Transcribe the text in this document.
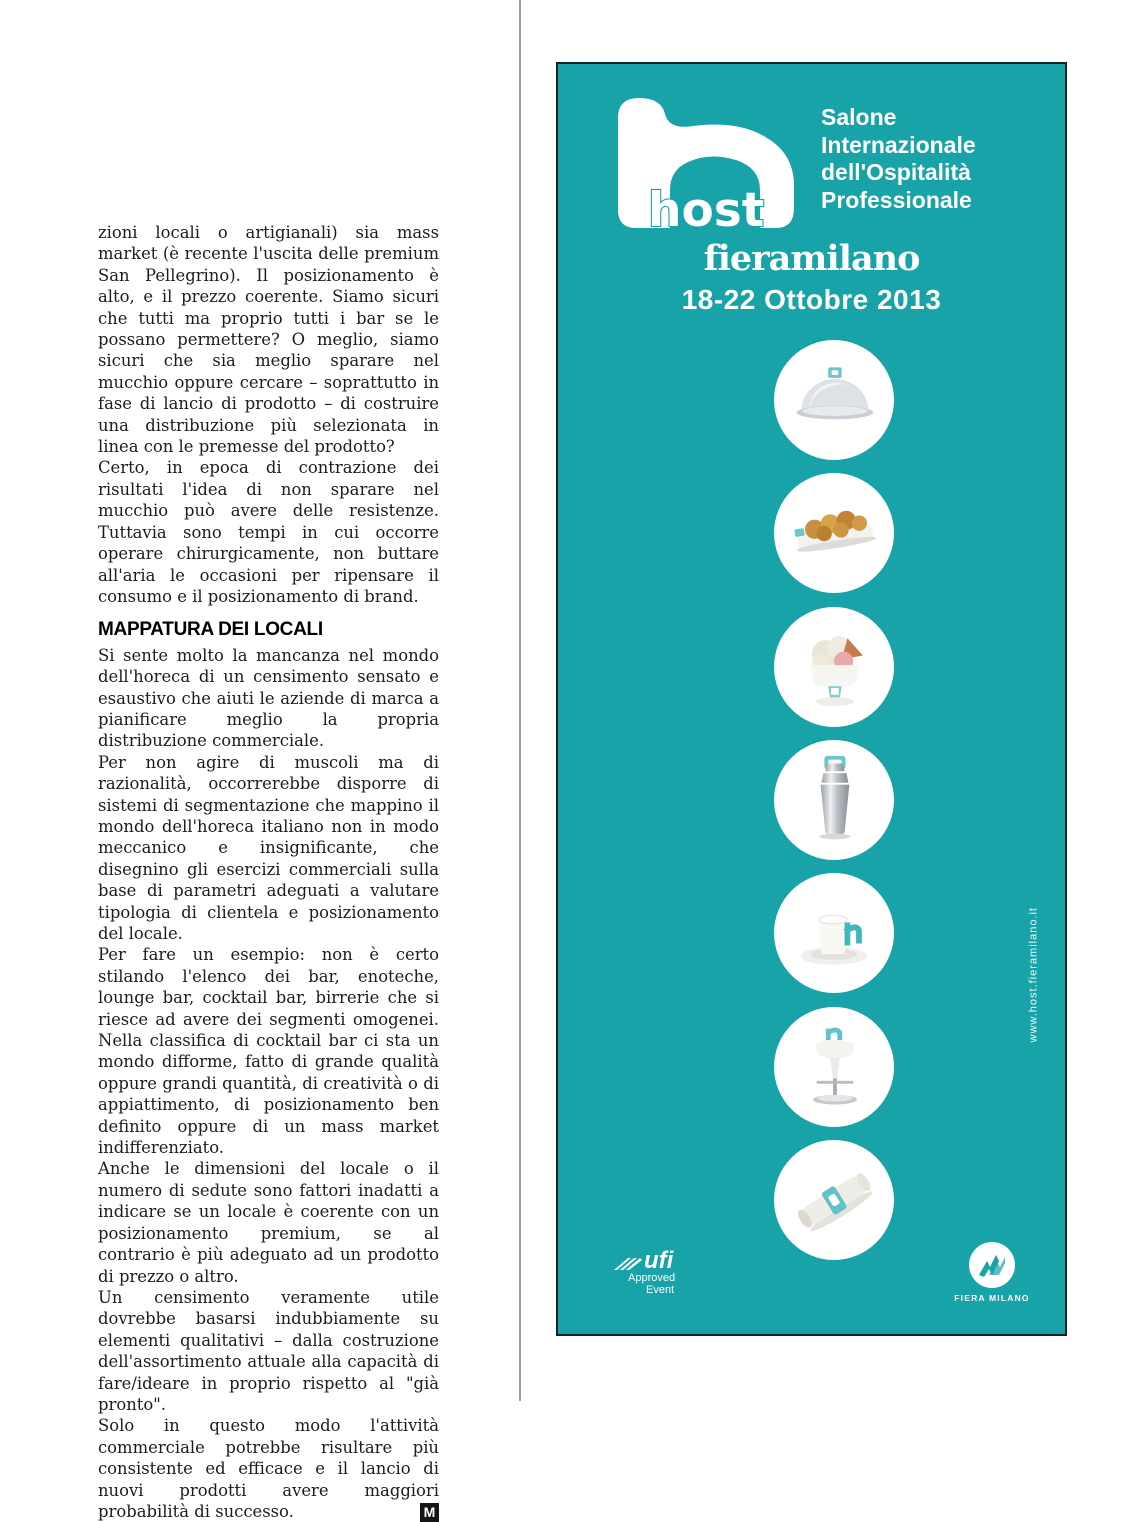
zioni locali o artigianali) sia mass market (è recente l'uscita delle premium San Pellegrino). Il posizionamento è alto, e il prezzo coerente. Siamo sicuri che tutti ma proprio tutti i bar se le possano permettere? O meglio, siamo sicuri che sia meglio sparare nel mucchio oppure cercare – soprattutto in fase di lancio di prodotto – di costruire una distribuzione più selezionata in linea con le premesse del prodotto?

Certo, in epoca di contrazione dei risultati l'idea di non sparare nel mucchio può avere delle resistenze. Tuttavia sono tempi in cui occorre operare chirurgicamente, non buttare all'aria le occasioni per ripensare il consumo e il posizionamento di brand.

MAPPATURA DEI LOCALI

Si sente molto la mancanza nel mondo dell'horeca di un censimento sensato e esaustivo che aiuti le aziende di marca a pianificare meglio la propria distribuzione commerciale.

Per non agire di muscoli ma di razionalità, occorrerebbe disporre di sistemi di segmentazione che mappino il mondo dell'horeca italiano non in modo meccanico e insignificante, che disegnino gli esercizi commerciali sulla base di parametri adeguati a valutare tipologia di clientela e posizionamento del locale.

Per fare un esempio: non è certo stilando l'elenco dei bar, enoteche, lounge bar, cocktail bar, birrerie che si riesce ad avere dei segmenti omogenei. Nella classifica di cocktail bar ci sta un mondo difforme, fatto di grande qualità oppure grandi quantità, di creatività o di appiattimento, di posizionamento ben definito oppure di un mass market indifferenziato.

Anche le dimensioni del locale o il numero di sedute sono fattori inadatti a indicare se un locale è coerente con un posizionamento premium, se al contrario è più adeguato ad un prodotto di prezzo o altro.

Un censimento veramente utile dovrebbe basarsi indubbiamente su elementi qualitativi – dalla costruzione dell'assortimento attuale alla capacità di fare/ideare in proprio rispetto al "già pronto".

Solo in questo modo l'attività commerciale potrebbe risultare più consistente ed efficace e il lancio di nuovi prodotti avere maggiori probabilità di successo.	M

host
Salone
Internazionale
dell'Ospitalità
Professionale
fieramilano
18-22 Ottobre 2013
www.host.fieramilano.it
ufi
Approved
Event
FIERA MILANO
